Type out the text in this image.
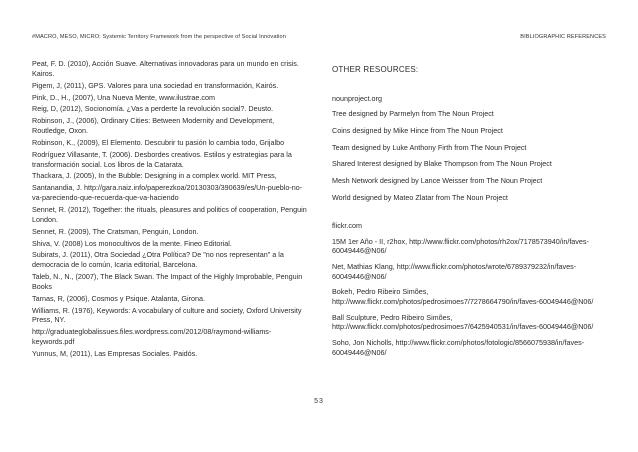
#MACRO, MESO, MICRO: Systemic Territory Framework from the perspective of Social Innovation	BIBLIOGRAPHIC REFERENCES

Peat, F. D. (2010), Acción Suave. Alternativas innovadoras para un mundo en crisis. Kairos.

Pigem, J, (2011), GPS. Valores para una sociedad en transformación, Kairós.

Pink, D., H., (2007), Una Nueva Mente, www.ilustrae.com

Reig, D, (2012), Socionomía. ¿Vas a perderte la revolución social?. Deusto.

Robinson, J., (2006), Ordinary Cities: Between Modernity and Development, Routledge, Oxon.

Robinson, K., (2009), El Elemento. Descubrir tu pasión lo cambia todo, Grijalbo

Rodríguez Villasante, T. (2006). Desbordes creativos. Estilos y estrategias para la transformación social. Los libros de la Catarata.

Thackara, J. (2005), In the Bubble: Designing in a complex world. MIT Press,

Santanandia, J. http://gara.naiz.info/paperezkoa/20130303/390639/es/Un-pueblo-no-va-pareciendo-que-recuerda-que-va-haciendo

Sennet, R. (2012), Together: the rituals, pleasures and politics of cooperation, Penguin London.

Sennet, R. (2009), The Cratsman, Penguin, London.

Shiva, V. (2008) Los monocultivos de la mente. Fineo Editorial.

Subirats, J. (2011), Otra Sociedad ¿Otra Política? De "no nos representan" a la democracia de lo común, Icaria editorial, Barcelona.

Taleb, N., N., (2007), The Black Swan. The Impact of the Highly Improbable, Penguin Books

Tarnas, R, (2006), Cosmos y Psique. Atalanta, Girona.

Williams, R. (1976), Keywords: A vocabulary of culture and society, Oxford University Press, NY.

http://graduateglobalissues.files.wordpress.com/2012/08/raymond-williams-keywords.pdf

Yunnus, M, (2011), Las Empresas Sociales. Paidós.

OTHER RESOURCES:
nounproject.org
Tree designed by Parmelyn from The Noun Project
Coins designed by Mike Hince from The Noun Project
Team designed by Luke Anthony Firth from The Noun Project
Shared Interest designed by Blake Thompson from The Noun Project
Mesh Network designed by Lance Weisser from The Noun Project
World designed by Mateo Zlatar from The Noun Project
flickr.com
15M 1er Año - II, r2hox, http://www.flickr.com/photos/rh2ox/7178573940/in/faves-60049446@N06/
Net, Mathias Klang, http://www.flickr.com/photos/wrote/6789379232/in/faves-60049446@N06/
Bokeh, Pedro Ribeiro Simões, http://www.flickr.com/photos/pedrosimoes7/7278664790/in/faves-60049446@N06/
Ball Sculpture, Pedro Ribeiro Simões, http://www.flickr.com/photos/pedrosimoes7/6425940531/in/faves-60049446@N06/
Soho, Jon Nicholls, http://www.flickr.com/photos/fotologic/8566075938/in/faves-60049446@N06/
53
